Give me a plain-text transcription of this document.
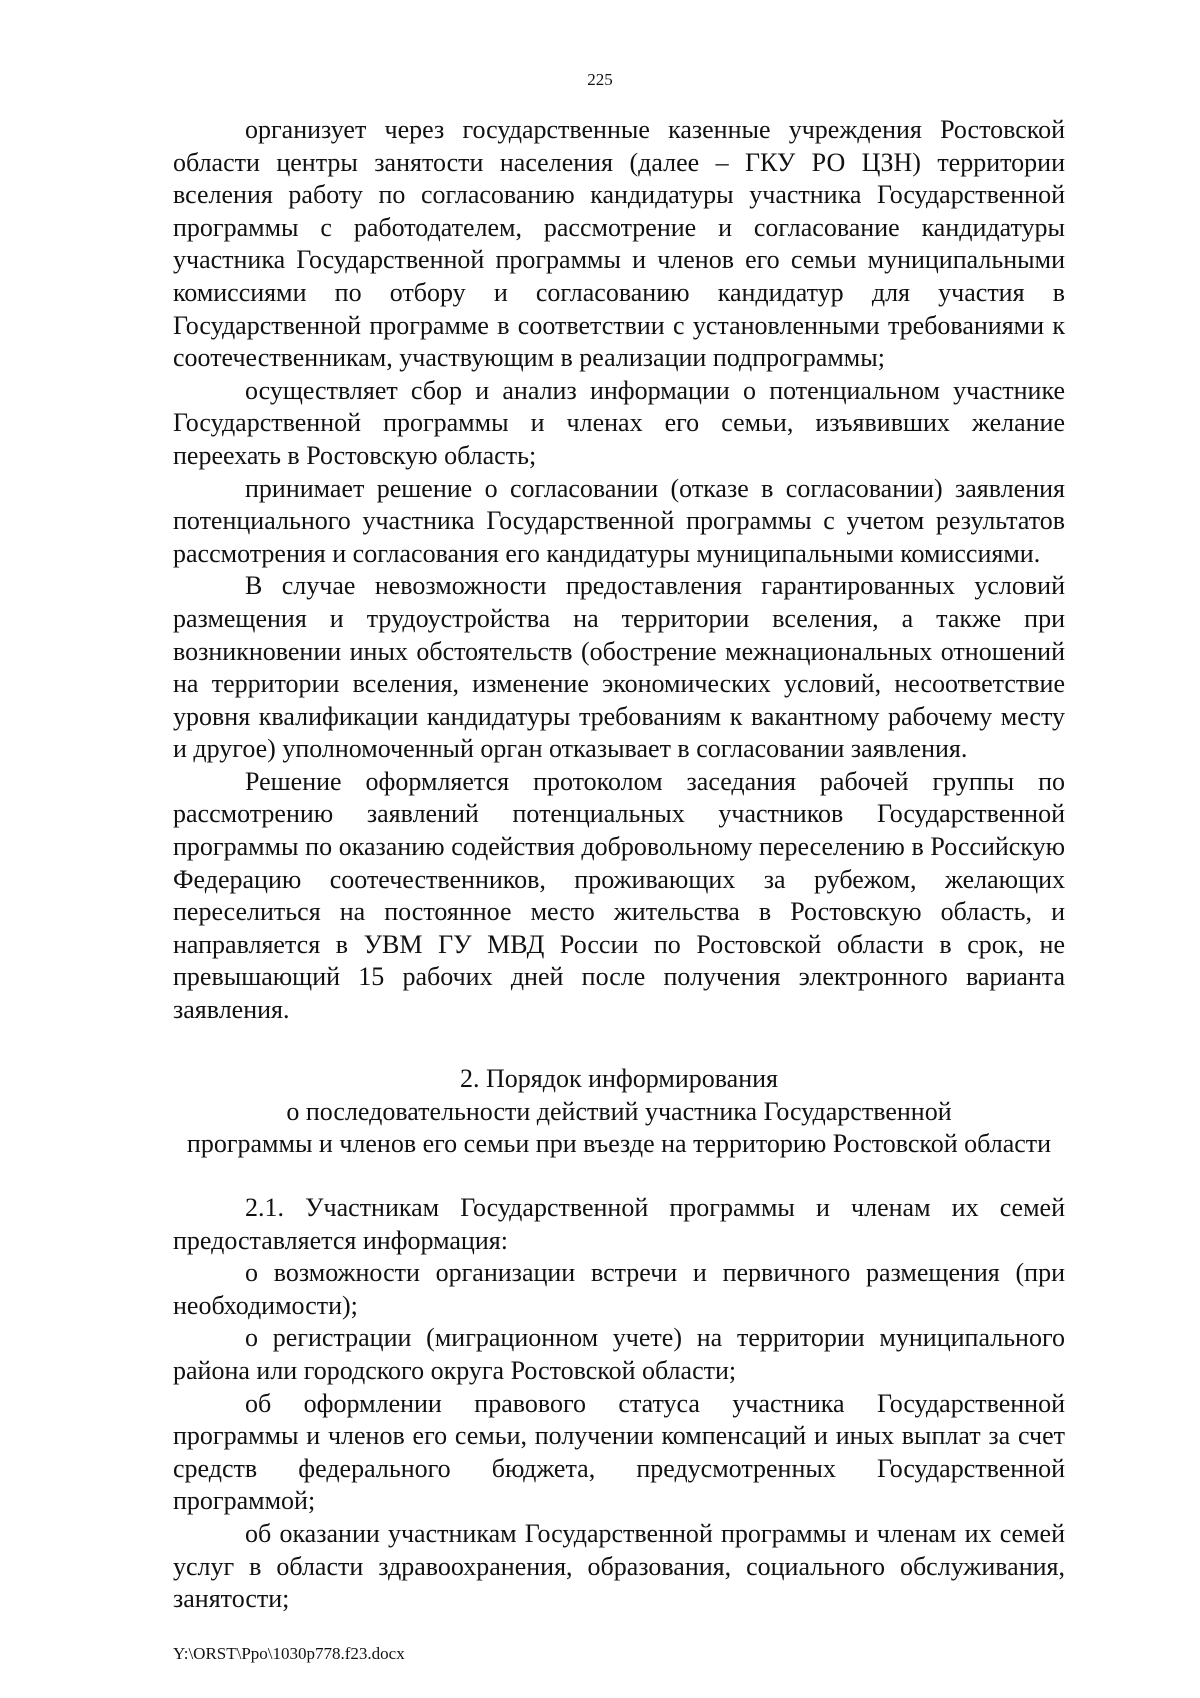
225

организует через государственные казенные учреждения Ростовской области центры занятости населения (далее – ГКУ РО ЦЗН) территории вселения работу по согласованию кандидатуры участника Государственной программы с работодателем, рассмотрение и согласование кандидатуры участника Государственной программы и членов его семьи муниципальными комиссиями по отбору и согласованию кандидатур для участия в Государственной программе в соответствии с установленными требованиями к соотечественникам, участвующим в реализации подпрограммы;

осуществляет сбор и анализ информации о потенциальном участнике Государственной программы и членах его семьи, изъявивших желание переехать в Ростовскую область;

принимает решение о согласовании (отказе в согласовании) заявления потенциального участника Государственной программы с учетом результатов рассмотрения и согласования его кандидатуры муниципальными комиссиями.

В случае невозможности предоставления гарантированных условий размещения и трудоустройства на территории вселения, а также при возникновении иных обстоятельств (обострение межнациональных отношений на территории вселения, изменение экономических условий, несоответствие уровня квалификации кандидатуры требованиям к вакантному рабочему месту и другое) уполномоченный орган отказывает в согласовании заявления.

Решение оформляется протоколом заседания рабочей группы по рассмотрению заявлений потенциальных участников Государственной программы по оказанию содействия добровольному переселению в Российскую Федерацию соотечественников, проживающих за рубежом, желающих переселиться на постоянное место жительства в Ростовскую область, и направляется в УВМ ГУ МВД России по Ростовской области в срок, не превышающий 15 рабочих дней после получения электронного варианта заявления.

2. Порядок информирования
о последовательности действий участника Государственной
программы и членов его семьи при въезде на территорию Ростовской области

2.1. Участникам Государственной программы и членам их семей предоставляется информация:

о возможности организации встречи и первичного размещения (при необходимости);

о регистрации (миграционном учете) на территории муниципального района или городского округа Ростовской области;

об оформлении правового статуса участника Государственной программы и членов его семьи, получении компенсаций и иных выплат за счет средств федерального бюджета, предусмотренных Государственной программой;

об оказании участникам Государственной программы и членам их семей услуг в области здравоохранения, образования, социального обслуживания, занятости;

Y:\ORST\Ppo\1030p778.f23.docx
